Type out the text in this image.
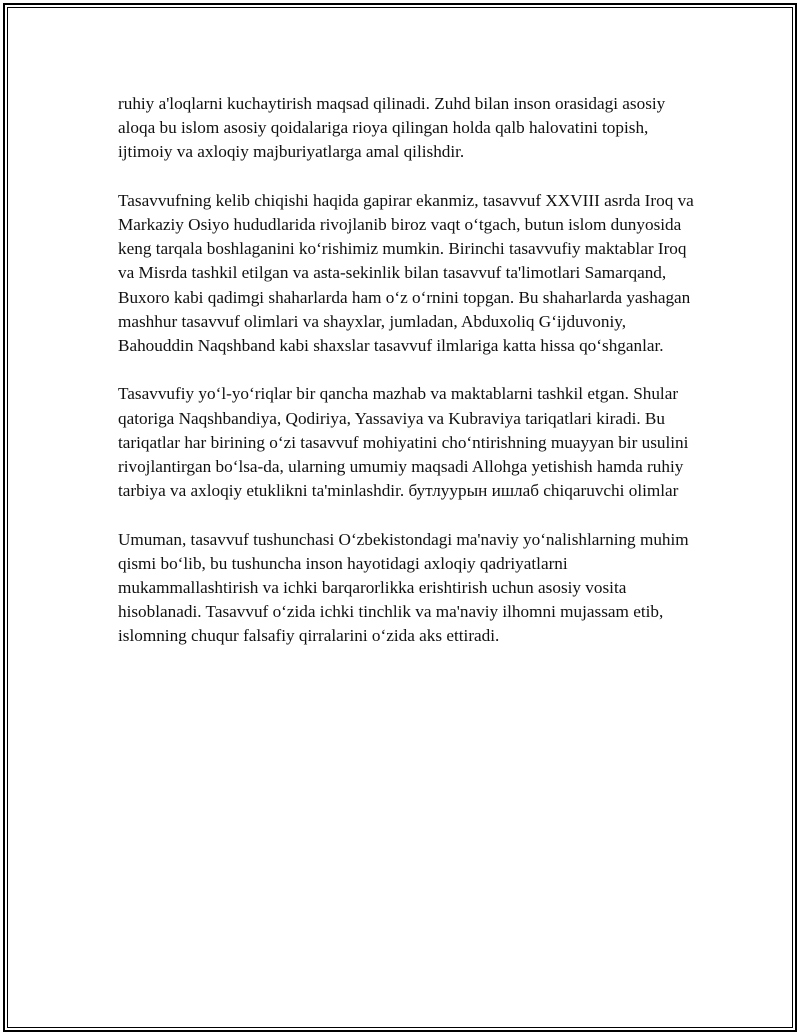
ruhiy a'loqlarni kuchaytirish maqsad qilinadi. Zuhd bilan inson orasidagi asosiy aloqa bu islom asosiy qoidalariga rioya qilingan holda qalb halovatini topish, ijtimoiy va axloqiy majburiyatlarga amal qilishdir.

Tasavvufning kelib chiqishi haqida gapirar ekanmiz, tasavvuf XXVIII asrda Iroq va Markaziy Osiyo hududlarida rivojlanib biroz vaqt o‘tgach, butun islom dunyosida keng tarqala boshlaganini ko‘rishimiz mumkin. Birinchi tasavvufiy maktablar Iroq va Misrda tashkil etilgan va asta-sekinlik bilan tasavvuf ta'limotlari Samarqand, Buxoro kabi qadimgi shaharlarda ham o‘z o‘rnini topgan. Bu shaharlarda yashagan mashhur tasavvuf olimlari va shayxlar, jumladan, Abduxoliq G‘ijduvoniy, Bahouddin Naqshband kabi shaxslar tasavvuf ilmlariga katta hissa qo‘shganlar.

Tasavvufiy yo‘l-yo‘riqlar bir qancha mazhab va maktablarni tashkil etgan. Shular qatoriga Naqshbandiya, Qodiriya, Yassaviya va Kubraviya tariqatlari kiradi. Bu tariqatlar har birining o‘zi tasavvuf mohiyatini cho‘ntirishning muayyan bir usulini rivojlantirgan bo‘lsa-da, ularning umumiy maqsadi Allohga yetishish hamda ruhiy tarbiya va axloqiy etuklikni ta'minlashdir. бутлуурын ишлаб chiqaruvchi olimlar

Umuman, tasavvuf tushunchasi O‘zbekistondagi ma'naviy yo‘nalishlarning muhim qismi bo‘lib, bu tushuncha inson hayotidagi axloqiy qadriyatlarni mukammallashtirish va ichki barqarorlikka erishtirish uchun asosiy vosita hisoblanadi. Tasavvuf o‘zida ichki tinchlik va ma'naviy ilhomni mujassam etib, islomning chuqur falsafiy qirralarini o‘zida aks ettiradi.
